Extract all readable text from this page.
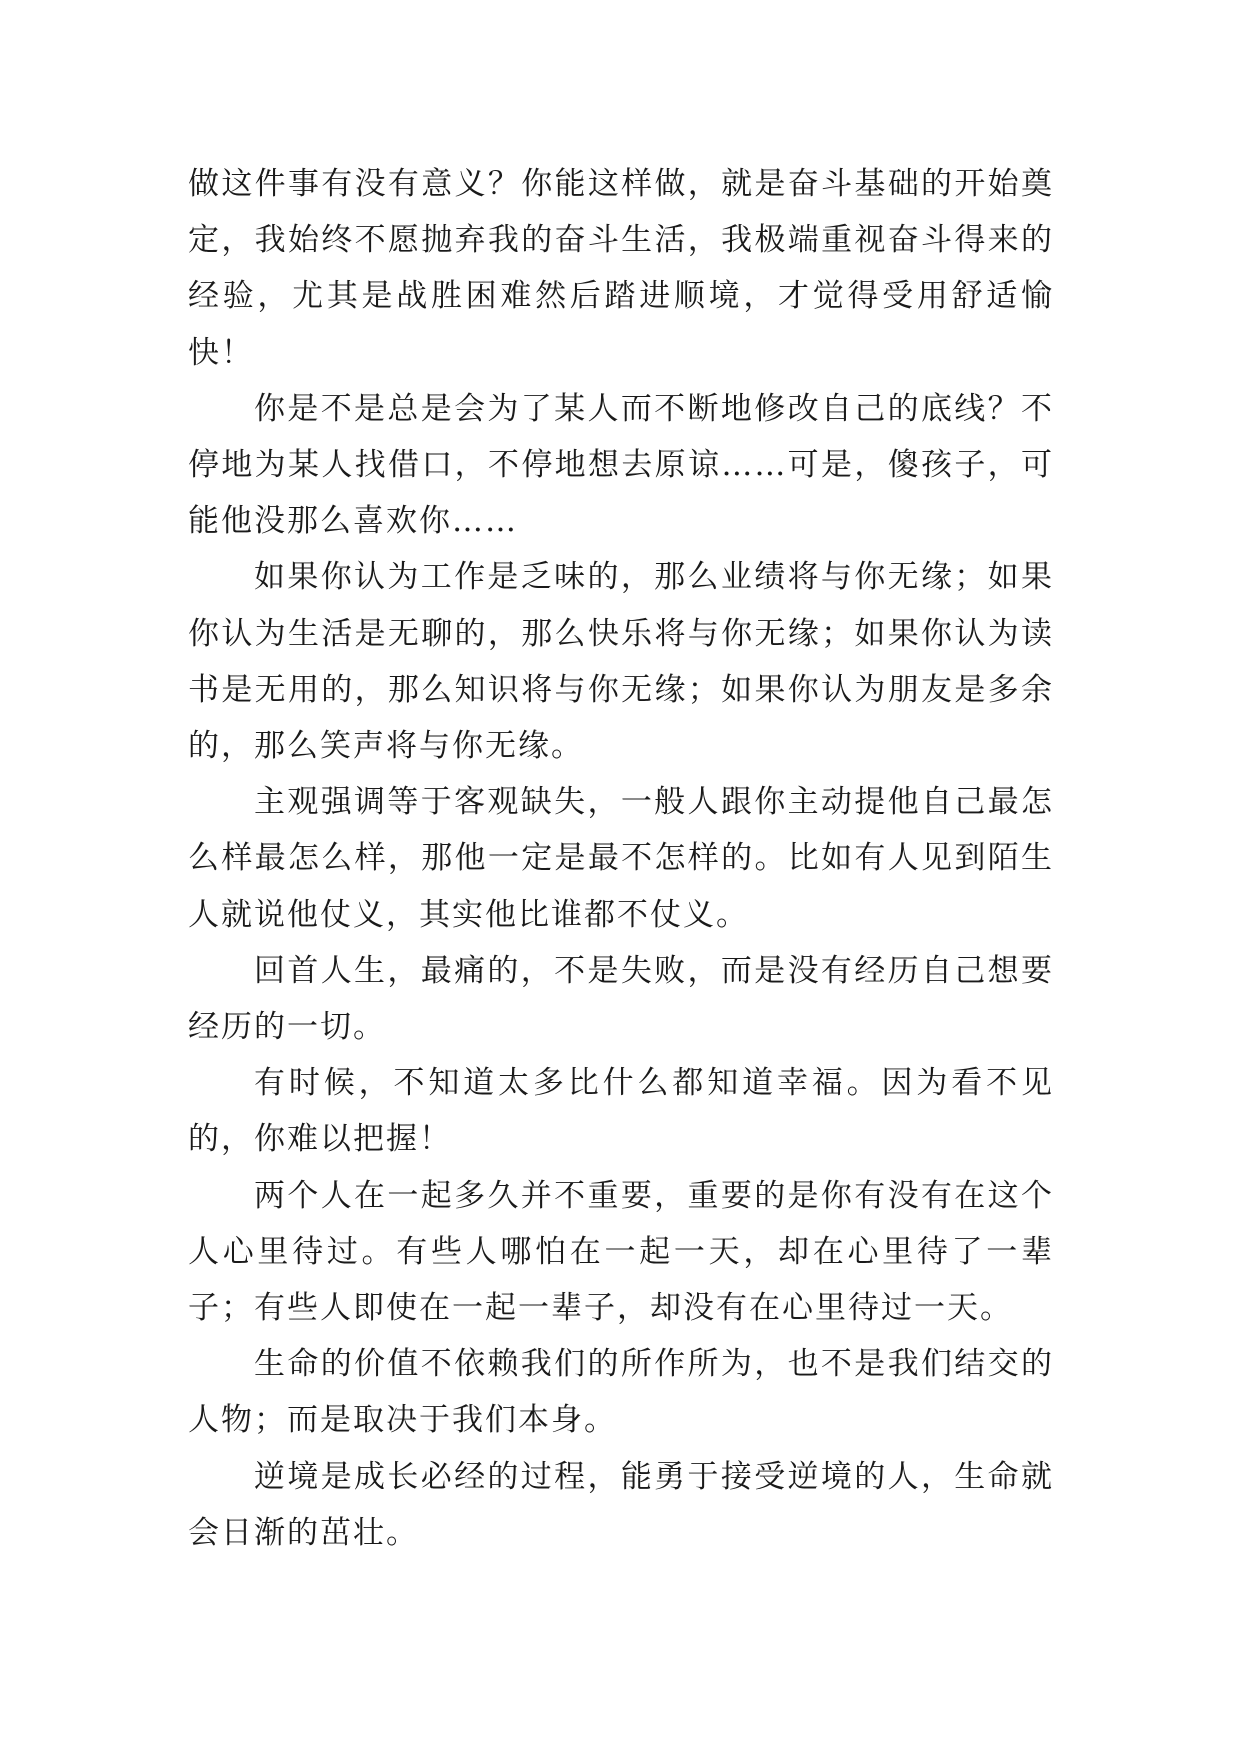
做这件事有没有意义？你能这样做，就是奋斗基础的开始奠定，我始终不愿抛弃我的奋斗生活，我极端重视奋斗得来的经验，尤其是战胜困难然后踏进顺境，才觉得受用舒适愉快！

你是不是总是会为了某人而不断地修改自己的底线？不停地为某人找借口，不停地想去原谅……可是，傻孩子，可能他没那么喜欢你……

如果你认为工作是乏味的，那么业绩将与你无缘；如果你认为生活是无聊的，那么快乐将与你无缘；如果你认为读书是无用的，那么知识将与你无缘；如果你认为朋友是多余的，那么笑声将与你无缘。

主观强调等于客观缺失，一般人跟你主动提他自己最怎么样最怎么样，那他一定是最不怎样的。比如有人见到陌生人就说他仗义，其实他比谁都不仗义。

回首人生，最痛的，不是失败，而是没有经历自己想要经历的一切。

有时候，不知道太多比什么都知道幸福。因为看不见的，你难以把握！

两个人在一起多久并不重要，重要的是你有没有在这个人心里待过。有些人哪怕在一起一天，却在心里待了一辈子；有些人即使在一起一辈子，却没有在心里待过一天。

生命的价值不依赖我们的所作所为，也不是我们结交的人物；而是取决于我们本身。

逆境是成长必经的过程，能勇于接受逆境的人，生命就会日渐的茁壮。
